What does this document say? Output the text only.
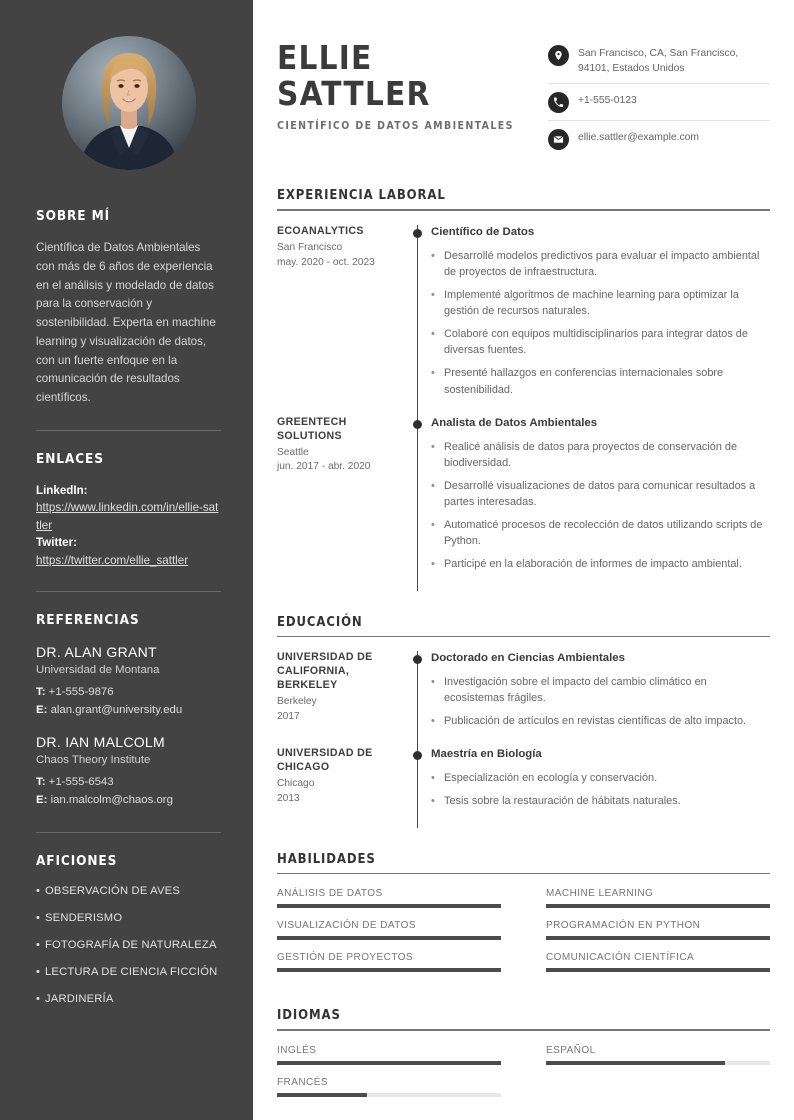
SOBRE MÍ
Científica de Datos Ambientales con más de 6 años de experiencia en el análisis y modelado de datos para la conservación y sostenibilidad. Experta en machine learning y visualización de datos, con un fuerte enfoque en la comunicación de resultados científicos.
ENLACES
LinkedIn:
https://www.linkedin.com/in/ellie-sattler
Twitter:
https://twitter.com/ellie_sattler
REFERENCIAS
DR. ALAN GRANT
Universidad de Montana
T: +1-555-9876
E: alan.grant@university.edu
DR. IAN MALCOLM
Chaos Theory Institute
T: +1-555-6543
E: ian.malcolm@chaos.org
AFICIONES
• OBSERVACIÓN DE AVES
• SENDERISMO
• FOTOGRAFÍA DE NATURALEZA
• LECTURA DE CIENCIA FICCIÓN
• JARDINERÍA
ELLIE
SATTLER
CIENTÍFICO DE DATOS AMBIENTALES
San Francisco, CA, San Francisco, 94101, Estados Unidos
+1-555-0123
ellie.sattler@example.com
EXPERIENCIA LABORAL
ECOANALYTICS
San Francisco
may. 2020 - oct. 2023
Científico de Datos
• Desarrollé modelos predictivos para evaluar el impacto ambiental de proyectos de infraestructura.
• Implementé algoritmos de machine learning para optimizar la gestión de recursos naturales.
• Colaboré con equipos multidisciplinarios para integrar datos de diversas fuentes.
• Presenté hallazgos en conferencias internacionales sobre sostenibilidad.
GREENTECH SOLUTIONS
Seattle
jun. 2017 - abr. 2020
Analista de Datos Ambientales
• Realicé análisis de datos para proyectos de conservación de biodiversidad.
• Desarrollé visualizaciones de datos para comunicar resultados a partes interesadas.
• Automaticé procesos de recolección de datos utilizando scripts de Python.
• Participé en la elaboración de informes de impacto ambiental.
EDUCACIÓN
UNIVERSIDAD DE CALIFORNIA, BERKELEY
Berkeley
2017
Doctorado en Ciencias Ambientales
• Investigación sobre el impacto del cambio climático en ecosistemas frágiles.
• Publicación de artículos en revistas científicas de alto impacto.
UNIVERSIDAD DE CHICAGO
Chicago
2013
Maestría en Biología
• Especialización en ecología y conservación.
• Tesis sobre la restauración de hábitats naturales.
HABILIDADES
ANÁLISIS DE DATOS	MACHINE LEARNING
VISUALIZACIÓN DE DATOS	PROGRAMACIÓN EN PYTHON
GESTIÓN DE PROYECTOS	COMUNICACIÓN CIENTÍFICA
IDIOMAS
INGLÉS	ESPAÑOL
FRANCÉS
